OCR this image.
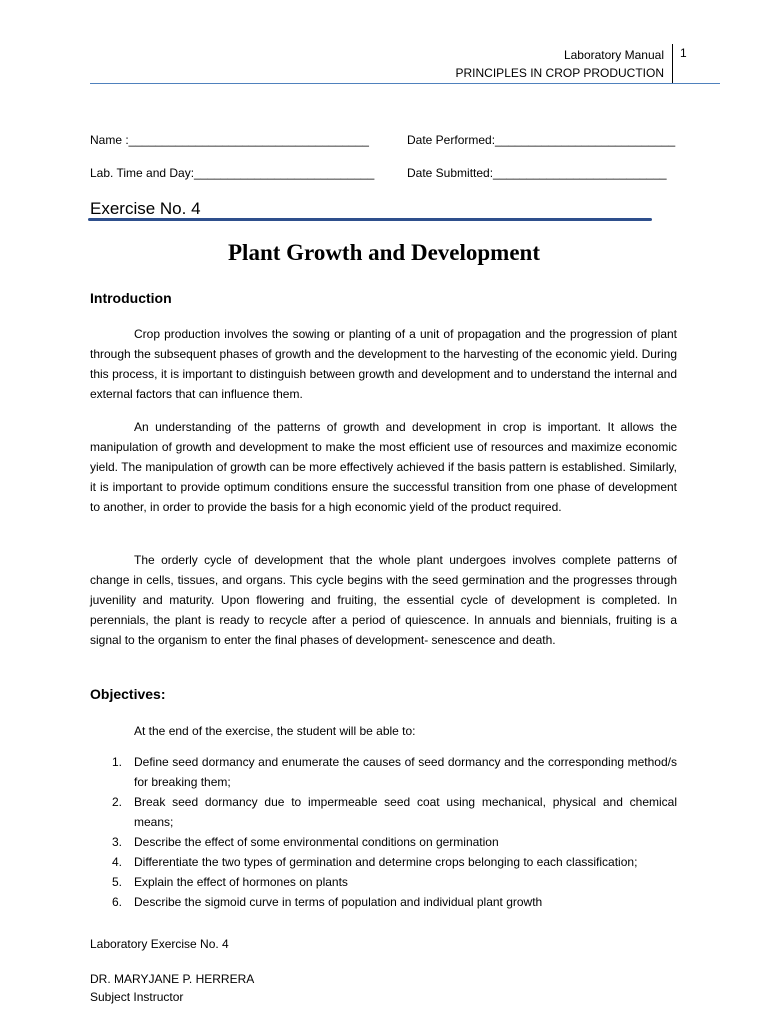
Laboratory Manual
PRINCIPLES IN CROP PRODUCTION
1
Name :____________________________________	Date Performed:___________________________
Lab. Time and Day:___________________________	Date Submitted:__________________________
Exercise No. 4
Plant Growth and Development
Introduction
Crop production involves the sowing or planting of a unit of propagation and the progression of plant through the subsequent phases of growth and the development to the harvesting of the economic yield. During this process, it is important to distinguish between growth and development and to understand the internal and external factors that can influence them.
An understanding of the patterns of growth and development in crop is important. It allows the manipulation of growth and development to make the most efficient use of resources and maximize economic yield. The manipulation of growth can be more effectively achieved if the basis pattern is established. Similarly, it is important to provide optimum conditions ensure the successful transition from one phase of development to another, in order to provide the basis for a high economic yield of the product required.
The orderly cycle of development that the whole plant undergoes involves complete patterns of change in cells, tissues, and organs. This cycle begins with the seed germination and the progresses through juvenility and maturity. Upon flowering and fruiting, the essential cycle of development is completed. In perennials, the plant is ready to recycle after a period of quiescence. In annuals and biennials, fruiting is a signal to the organism to enter the final phases of development- senescence and death.
Objectives:
At the end of the exercise, the student will be able to:
1. Define seed dormancy and enumerate the causes of seed dormancy and the corresponding method/s for breaking them;
2. Break seed dormancy due to impermeable seed coat using mechanical, physical and chemical means;
3. Describe the effect of some environmental conditions on germination
4. Differentiate the two types of germination and determine crops belonging to each classification;
5. Explain the effect of hormones on plants
6. Describe the sigmoid curve in terms of population and individual plant growth
Laboratory Exercise No. 4
DR. MARYJANE P. HERRERA
Subject Instructor
